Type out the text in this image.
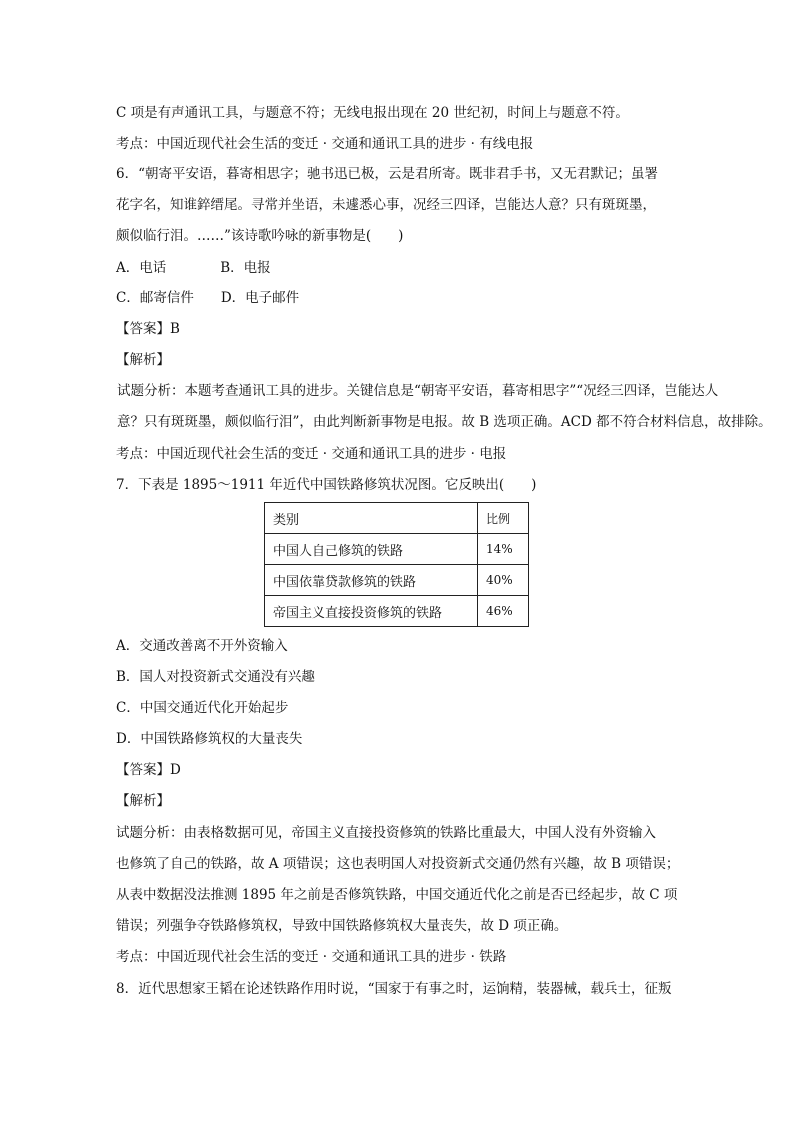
C 项是有声通讯工具，与题意不符；无线电报出现在 20 世纪初，时间上与题意不符。
考点：中国近现代社会生活的变迁 · 交通和通讯工具的进步 · 有线电报
6．“朝寄平安语，暮寄相思字；驰书迅已极，云是君所寄。既非君手书，又无君默记；虽署
花字名，知谁錊缙尾。寻常并坐语，未遽悉心事，况经三四译，岂能达人意？只有斑斑墨，
颇似临行泪。……”该诗歌吟咏的新事物是(　　)
A．电话　　　　B．电报
C．邮寄信件　　D．电子邮件
【答案】B
【解析】
试题分析：本题考查通讯工具的进步。关键信息是“朝寄平安语，暮寄相思字”“况经三四译，岂能达人
意？只有斑斑墨，颇似临行泪”，由此判断新事物是电报。故 B 选项正确。ACD 都不符合材料信息，故排除。
考点：中国近现代社会生活的变迁 · 交通和通讯工具的进步 · 电报
7．下表是 1895～1911 年近代中国铁路修筑状况图。它反映出(　　)
类别	比例
中国人自己修筑的铁路	14%
中国依靠贷款修筑的铁路	40%
帝国主义直接投资修筑的铁路	46%
A．交通改善离不开外资输入
B．国人对投资新式交通没有兴趣
C．中国交通近代化开始起步
D．中国铁路修筑权的大量丧失
【答案】D
【解析】
试题分析：由表格数据可见，帝国主义直接投资修筑的铁路比重最大，中国人没有外资输入
也修筑了自己的铁路，故 A 项错误；这也表明国人对投资新式交通仍然有兴趣，故 B 项错误；
从表中数据没法推测 1895 年之前是否修筑铁路，中国交通近代化之前是否已经起步，故 C 项
错误；列强争夺铁路修筑权，导致中国铁路修筑权大量丧失，故 D 项正确。
考点：中国近现代社会生活的变迁 · 交通和通讯工具的进步 · 铁路
8．近代思想家王韬在论述铁路作用时说，“国家于有事之时，运饷精，装器械，载兵士，征叛
